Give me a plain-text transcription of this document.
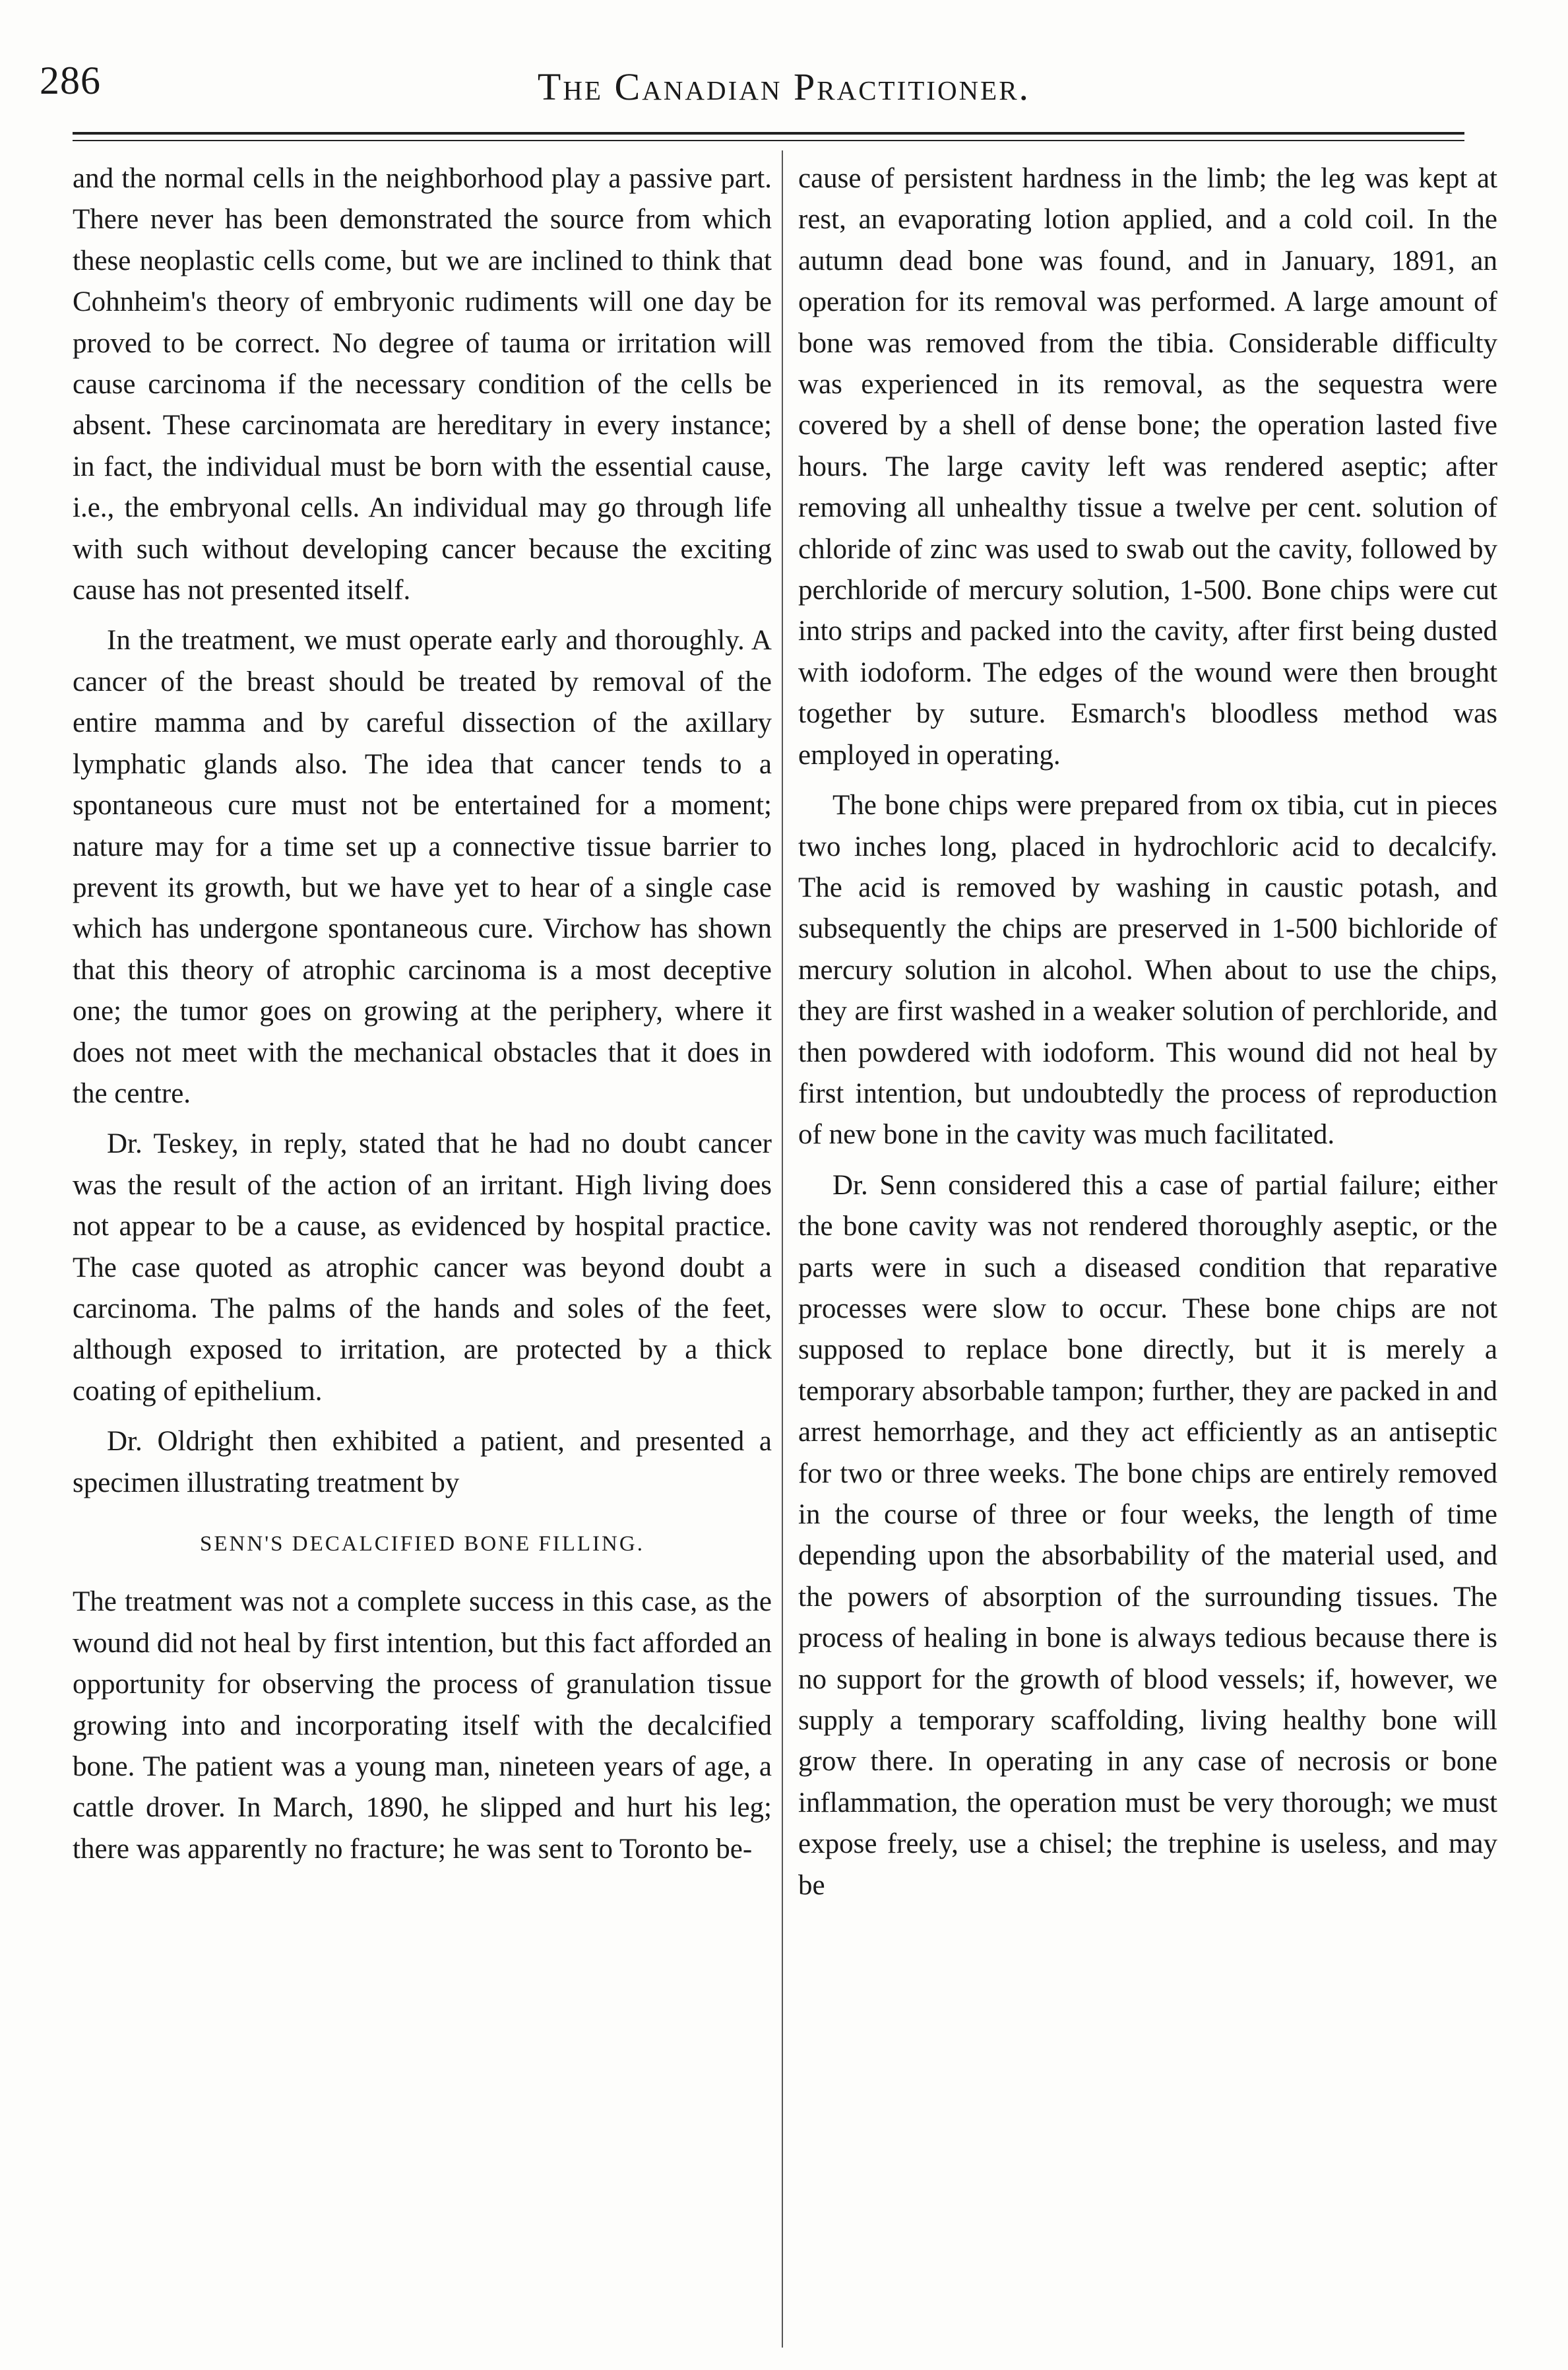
286	The Canadian Practitioner.

and the normal cells in the neighborhood play a passive part. There never has been demonstrated the source from which these neoplastic cells come, but we are inclined to think that Cohnheim's theory of embryonic rudiments will one day be proved to be correct. No degree of tauma or irritation will cause carcinoma if the necessary condition of the cells be absent. These carcinomata are hereditary in every instance; in fact, the individual must be born with the essential cause, i.e., the embryonal cells. An individual may go through life with such without developing cancer because the exciting cause has not presented itself.

In the treatment, we must operate early and thoroughly. A cancer of the breast should be treated by removal of the entire mamma and by careful dissection of the axillary lymphatic glands also. The idea that cancer tends to a spontaneous cure must not be entertained for a moment; nature may for a time set up a connective tissue barrier to prevent its growth, but we have yet to hear of a single case which has undergone spontaneous cure. Virchow has shown that this theory of atrophic carcinoma is a most deceptive one; the tumor goes on growing at the periphery, where it does not meet with the mechanical obstacles that it does in the centre.

Dr. Teskey, in reply, stated that he had no doubt cancer was the result of the action of an irritant. High living does not appear to be a cause, as evidenced by hospital practice. The case quoted as atrophic cancer was beyond doubt a carcinoma. The palms of the hands and soles of the feet, although exposed to irritation, are protected by a thick coating of epithelium.

Dr. Oldright then exhibited a patient, and presented a specimen illustrating treatment by

SENN'S DECALCIFIED BONE FILLING.

The treatment was not a complete success in this case, as the wound did not heal by first intention, but this fact afforded an opportunity for observing the process of granulation tissue growing into and incorporating itself with the decalcified bone. The patient was a young man, nineteen years of age, a cattle drover. In March, 1890, he slipped and hurt his leg; there was apparently no fracture; he was sent to Toronto be-

cause of persistent hardness in the limb; the leg was kept at rest, an evaporating lotion applied, and a cold coil. In the autumn dead bone was found, and in January, 1891, an operation for its removal was performed. A large amount of bone was removed from the tibia. Considerable difficulty was experienced in its removal, as the sequestra were covered by a shell of dense bone; the operation lasted five hours. The large cavity left was rendered aseptic; after removing all unhealthy tissue a twelve per cent. solution of chloride of zinc was used to swab out the cavity, followed by perchloride of mercury solution, 1-500. Bone chips were cut into strips and packed into the cavity, after first being dusted with iodoform. The edges of the wound were then brought together by suture. Esmarch's bloodless method was employed in operating.

The bone chips were prepared from ox tibia, cut in pieces two inches long, placed in hydrochloric acid to decalcify. The acid is removed by washing in caustic potash, and subsequently the chips are preserved in 1-500 bichloride of mercury solution in alcohol. When about to use the chips, they are first washed in a weaker solution of perchloride, and then powdered with iodoform. This wound did not heal by first intention, but undoubtedly the process of reproduction of new bone in the cavity was much facilitated.

Dr. Senn considered this a case of partial failure; either the bone cavity was not rendered thoroughly aseptic, or the parts were in such a diseased condition that reparative processes were slow to occur. These bone chips are not supposed to replace bone directly, but it is merely a temporary absorbable tampon; further, they are packed in and arrest hemorrhage, and they act efficiently as an antiseptic for two or three weeks. The bone chips are entirely removed in the course of three or four weeks, the length of time depending upon the absorbability of the material used, and the powers of absorption of the surrounding tissues. The process of healing in bone is always tedious because there is no support for the growth of blood vessels; if, however, we supply a temporary scaffolding, living healthy bone will grow there. In operating in any case of necrosis or bone inflammation, the operation must be very thorough; we must expose freely, use a chisel; the trephine is useless, and may be
